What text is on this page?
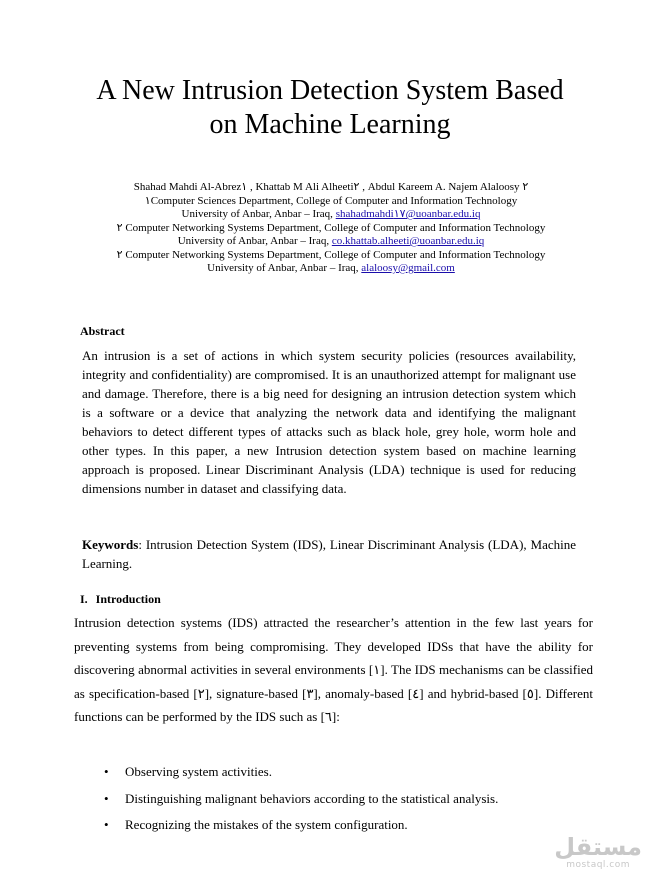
A New Intrusion Detection System Based
on Machine Learning
Shahad Mahdi Al-Abrez١ , Khattab M Ali Alheeti٢ , Abdul Kareem A. Najem Alaloosy ٢
١Computer Sciences Department, College of Computer and Information Technology
University of Anbar, Anbar – Iraq, shahadmahdi١٧@uoanbar.edu.iq
٢ Computer Networking Systems Department, College of Computer and Information Technology
University of Anbar, Anbar – Iraq, co.khattab.alheeti@uoanbar.edu.iq
٢ Computer Networking Systems Department, College of Computer and Information Technology
University of Anbar, Anbar – Iraq, alaloosy@gmail.com
Abstract
An intrusion is a set of actions in which system security policies (resources availability, integrity and confidentiality) are compromised. It is an unauthorized attempt for malignant use and damage. Therefore, there is a big need for designing an intrusion detection system which is a software or a device that analyzing the network data and identifying the malignant behaviors to detect different types of attacks such as black hole, grey hole, worm hole and other types. In this paper, a new Intrusion detection system based on machine learning approach is proposed. Linear Discriminant Analysis (LDA) technique is used for reducing dimensions number in dataset and classifying data.
Keywords: Intrusion Detection System (IDS), Linear Discriminant Analysis (LDA), Machine Learning.
I. Introduction
Intrusion detection systems (IDS) attracted the researcher’s attention in the few last years for preventing systems from being compromising. They developed IDSs that have the ability for discovering abnormal activities in several environments [١]. The IDS mechanisms can be classified as specification-based [٢], signature-based [٣], anomaly-based [٤] and hybrid-based [٥]. Different functions can be performed by the IDS such as [٦]:
• Observing system activities.
• Distinguishing malignant behaviors according to the statistical analysis.
• Recognizing the mistakes of the system configuration.
مستقل
mostaql.com
